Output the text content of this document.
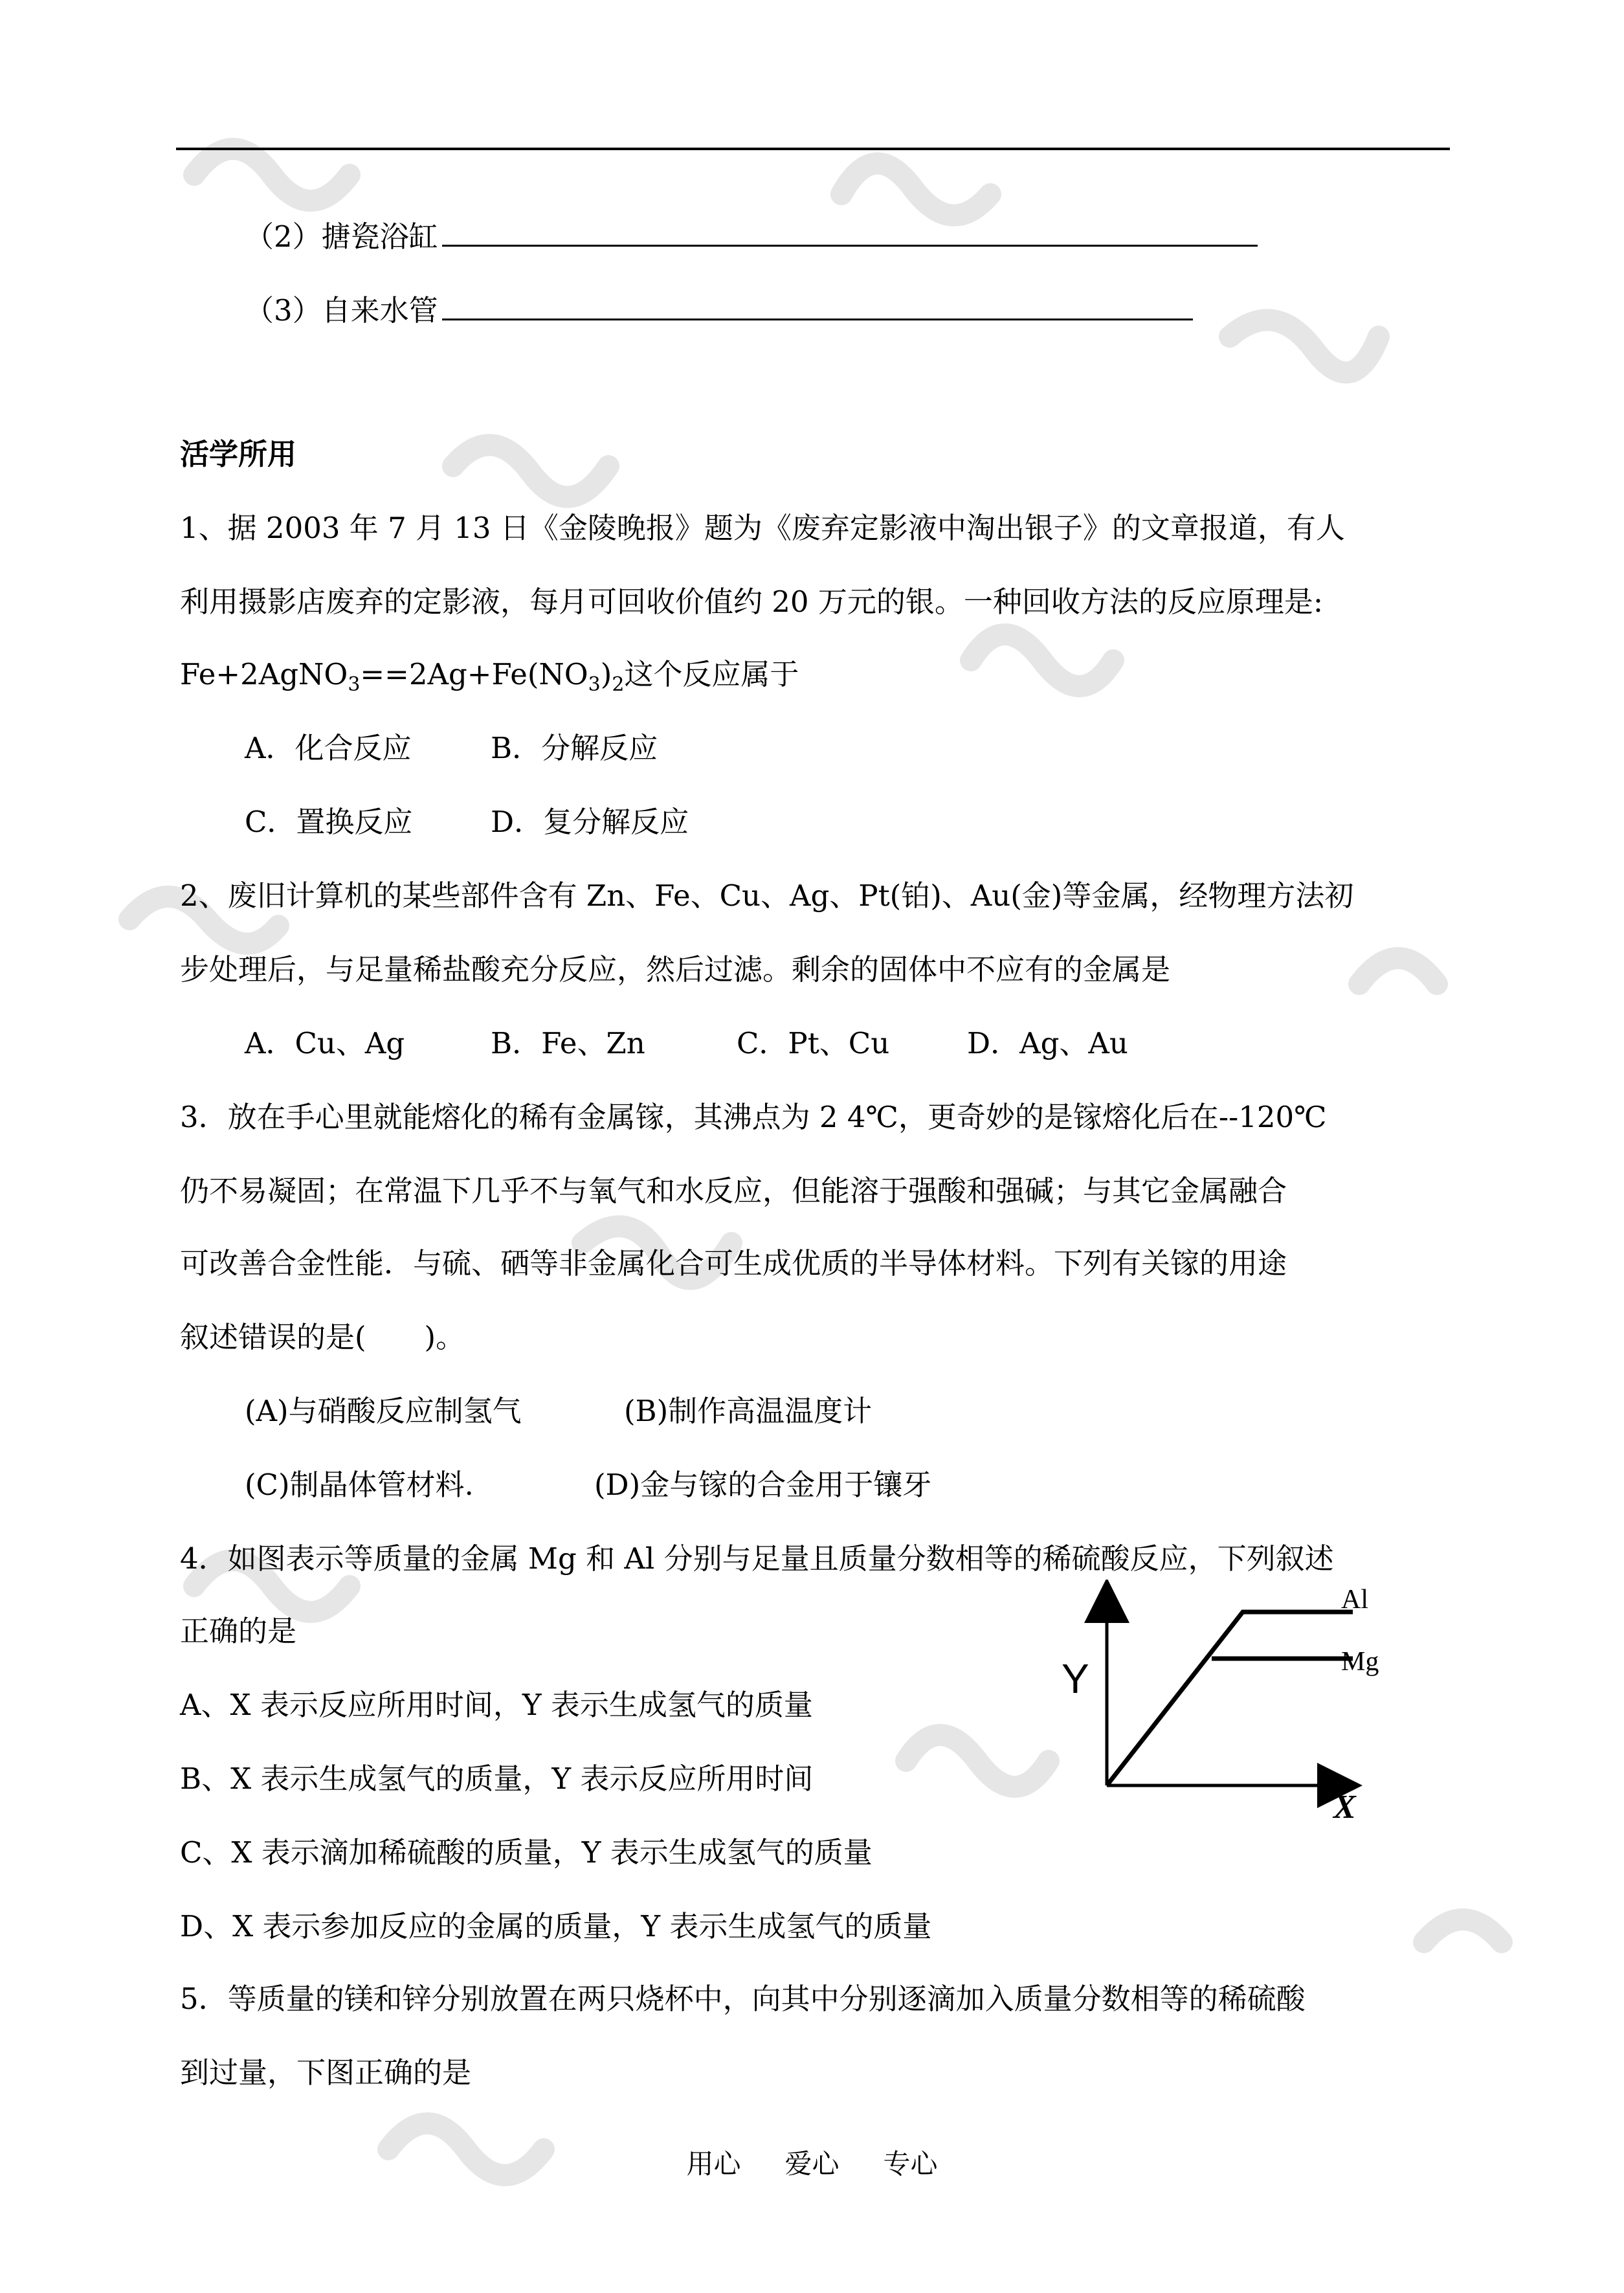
（2）搪瓷浴缸
（3）自来水管
活学所用
1、据 2003 年 7 月 13 日《金陵晚报》题为《废弃定影液中淘出银子》的文章报道，有人
利用摄影店废弃的定影液，每月可回收价值约 20 万元的银。一种回收方法的反应原理是:
$Fe+2AgNO_3==2Ag+Fe(NO_3)_2$这个反应属于
A．化合反应	B．分解反应
C．置换反应	D．复分解反应
2、废旧计算机的某些部件含有 Zn、Fe、Cu、Ag、Pt(铂)、Au(金)等金属，经物理方法初
步处理后，与足量稀盐酸充分反应，然后过滤。剩余的固体中不应有的金属是
A．Cu、Ag	B．Fe、Zn	C．Pt、Cu	D．Ag、Au
3．放在手心里就能熔化的稀有金属镓，其沸点为 2 4℃，更奇妙的是镓熔化后在--120℃
仍不易凝固；在常温下几乎不与氧气和水反应，但能溶于强酸和强碱；与其它金属融合
可改善合金性能．与硫、硒等非金属化合可生成优质的半导体材料。下列有关镓的用途
叙述错误的是(　　)。
(A)与硝酸反应制氢气	(B)制作高温温度计
(C)制晶体管材料.	(D)金与镓的合金用于镶牙
4．如图表示等质量的金属 Mg 和 Al 分别与足量且质量分数相等的稀硫酸反应，下列叙述
正确的是
A、X 表示反应所用时间，Y 表示生成氢气的质量
B、X 表示生成氢气的质量，Y 表示反应所用时间
C、X 表示滴加稀硫酸的质量，Y 表示生成氢气的质量
D、X 表示参加反应的金属的质量，Y 表示生成氢气的质量
Y
X
Al
Mg
5．等质量的镁和锌分别放置在两只烧杯中，向其中分别逐滴加入质量分数相等的稀硫酸
到过量，下图正确的是
用心 爱心 专心
